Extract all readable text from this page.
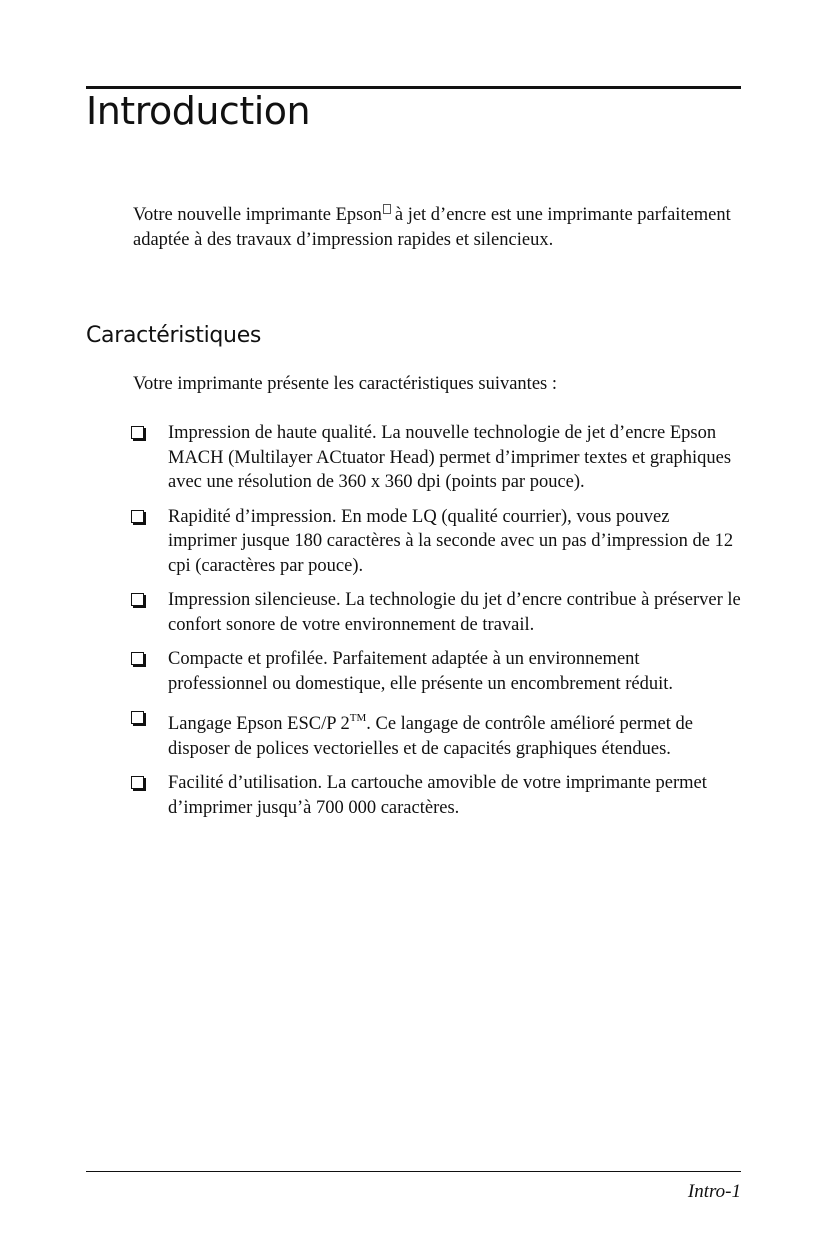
Introduction

Votre nouvelle imprimante Epson à jet d’encre est une imprimante parfaitement adaptée à des travaux d’impression rapides et silencieux.

Caractéristiques

Votre imprimante présente les caractéristiques suivantes :

Impression de haute qualité. La nouvelle technologie de jet d’encre Epson MACH (Multilayer ACtuator Head) permet d’imprimer textes et graphiques avec une résolution de 360 x 360 dpi (points par pouce).
Rapidité d’impression. En mode LQ (qualité courrier), vous pouvez imprimer jusque 180 caractères à la seconde avec un pas d’impression de 12 cpi (caractères par pouce).
Impression silencieuse. La technologie du jet d’encre contribue à préserver le confort sonore de votre environnement de travail.
Compacte et profilée. Parfaitement adaptée à un environnement professionnel ou domestique, elle présente un encombrement réduit.
Langage Epson ESC/P 2™. Ce langage de contrôle amélioré permet de disposer de polices vectorielles et de capacités graphiques étendues.
Facilité d’utilisation. La cartouche amovible de votre imprimante permet d’imprimer jusqu’à 700 000 caractères.

Intro-1
